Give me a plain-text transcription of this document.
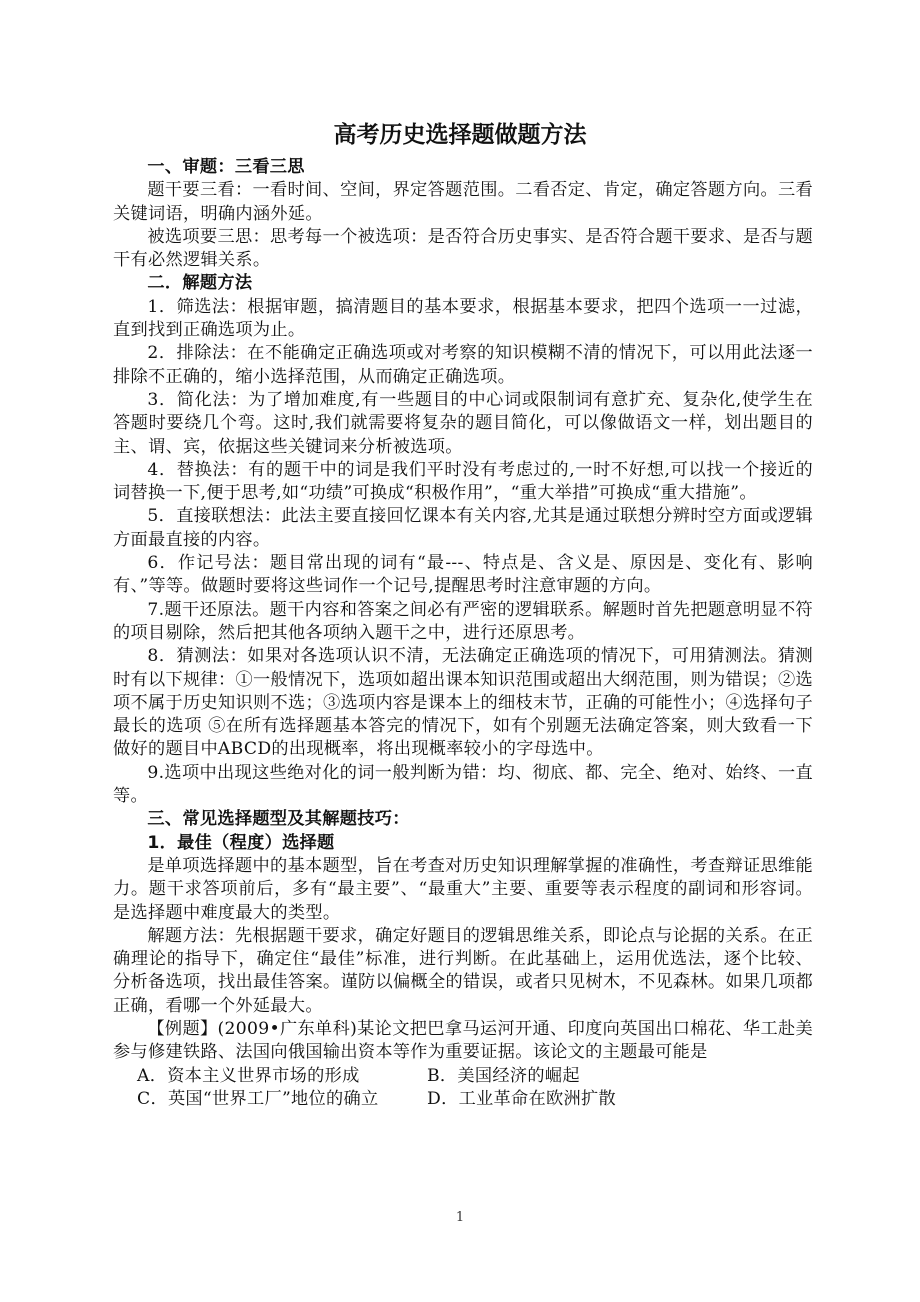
高考历史选择题做题方法

一、审题：三看三思

题干要三看：一看时间、空间，界定答题范围。二看否定、肯定，确定答题方向。三看关键词语，明确内涵外延。

被选项要三思：思考每一个被选项：是否符合历史事实、是否符合题干要求、是否与题干有必然逻辑关系。

二．解题方法

1．筛选法：根据审题，搞清题目的基本要求，根据基本要求，把四个选项一一过滤，直到找到正确选项为止。

2．排除法：在不能确定正确选项或对考察的知识模糊不清的情况下，可以用此法逐一排除不正确的，缩小选择范围，从而确定正确选项。

3．简化法：为了增加难度,有一些题目的中心词或限制词有意扩充、复杂化,使学生在答题时要绕几个弯。这时,我们就需要将复杂的题目简化，可以像做语文一样，划出题目的主、谓、宾，依据这些关键词来分析被选项。

4．替换法：有的题干中的词是我们平时没有考虑过的,一时不好想,可以找一个接近的词替换一下,便于思考,如“功绩”可换成“积极作用”，“重大举措”可换成“重大措施”。

5．直接联想法：此法主要直接回忆课本有关内容,尤其是通过联想分辨时空方面或逻辑方面最直接的内容。

6．作记号法：题目常出现的词有“最---、特点是、含义是、原因是、变化有、影响有、”等等。做题时要将这些词作一个记号,提醒思考时注意审题的方向。

7.题干还原法。题干内容和答案之间必有严密的逻辑联系。解题时首先把题意明显不符的项目剔除，然后把其他各项纳入题干之中，进行还原思考。

8．猜测法：如果对各选项认识不清，无法确定正确选项的情况下，可用猜测法。猜测时有以下规律：①一般情况下，选项如超出课本知识范围或超出大纲范围，则为错误；②选项不属于历史知识则不选；③选项内容是课本上的细枝末节，正确的可能性小；④选择句子最长的选项 ⑤在所有选择题基本答完的情况下，如有个别题无法确定答案，则大致看一下做好的题目中ABCD的出现概率，将出现概率较小的字母选中。

9.选项中出现这些绝对化的词一般判断为错：均、彻底、都、完全、绝对、始终、一直等。

三、常见选择题型及其解题技巧：

1．最佳（程度）选择题

是单项选择题中的基本题型，旨在考查对历史知识理解掌握的准确性，考查辩证思维能力。题干求答项前后，多有“最主要”、“最重大”主要、重要等表示程度的副词和形容词。是选择题中难度最大的类型。

解题方法：先根据题干要求，确定好题目的逻辑思维关系，即论点与论据的关系。在正确理论的指导下，确定住“最佳”标准，进行判断。在此基础上，运用优选法，逐个比较、分析备选项，找出最佳答案。谨防以偏概全的错误，或者只见树木，不见森林。如果几项都正确，看哪一个外延最大。

【例题】(2009•广东单科)某论文把巴拿马运河开通、印度向英国出口棉花、华工赴美参与修建铁路、法国向俄国输出资本等作为重要证据。该论文的主题最可能是

A．资本主义世界市场的形成	B．美国经济的崛起
C．英国“世界工厂”地位的确立	D．工业革命在欧洲扩散
1
